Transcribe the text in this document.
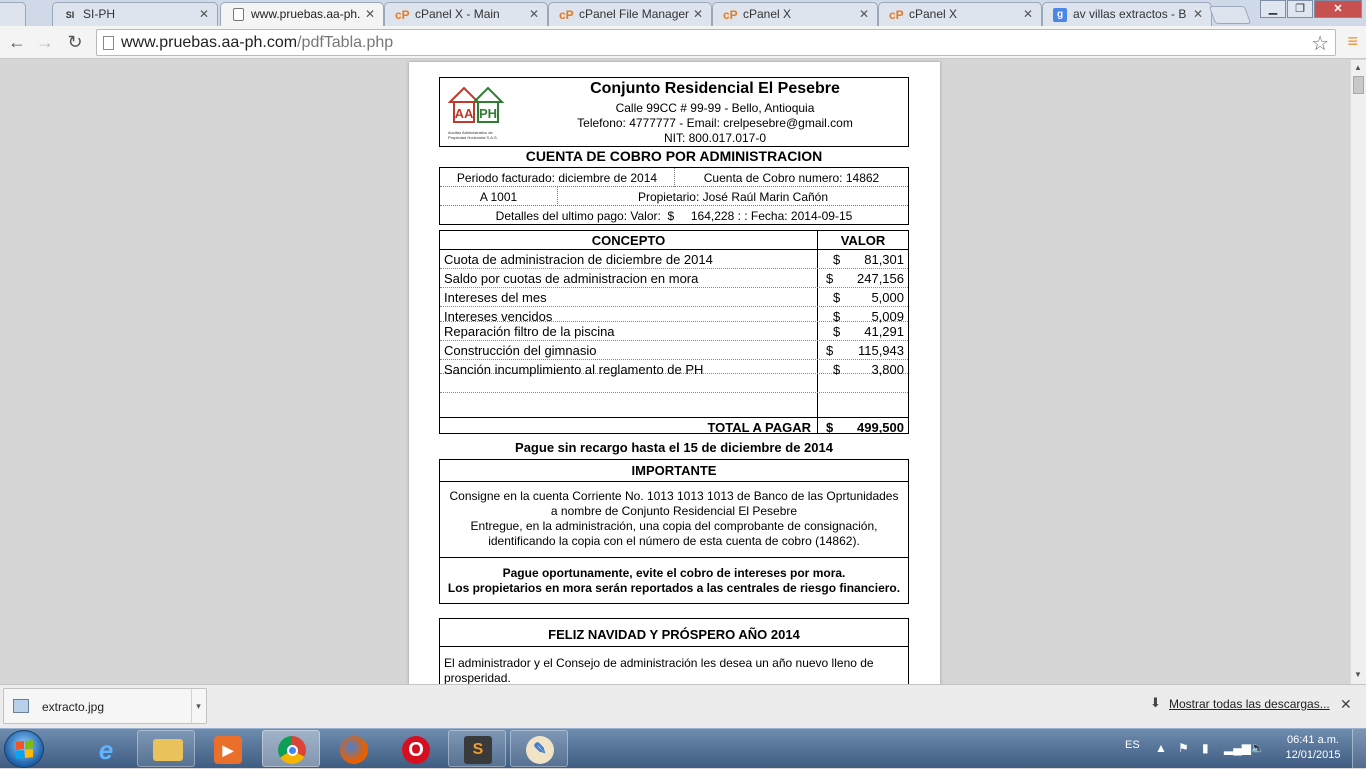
SI SI-PH	✕	www.pruebas.aa-ph. ✕ cP cPanel X - Main ✕ cP cPanel File Manager ✕ cP cPanel X	✕ cP cPanel X	✕	g av villas extractos - B ✕	▁	❐	✕
← → ↻	www.pruebas.aa-ph.com/pdfTabla.php	☆ ≡
AA PH
Auxiliar Administrativo de Propiedad Horizontal S.A.S.
Conjunto Residencial El Pesebre
Calle 99CC # 99-99 - Bello, Antioquia
Telefono: 4777777 - Email: crelpesebre@gmail.com
NIT: 800.017.017-0
CUENTA DE COBRO POR ADMINISTRACION
Periodo facturado: diciembre de 2014	Cuenta de Cobro numero: 14862
A 1001	Propietario: José Raúl Marin Cañón
Detalles del ultimo pago: Valor:  $     164,228 : : Fecha: 2014-09-15
CONCEPTO	VALOR
Cuota de administracion de diciembre de 2014	$ 81,301
Saldo por cuotas de administracion en mora	$ 247,156
Intereses del mes	$ 5,000
Intereses vencidos	$ 5,009
Reparación filtro de la piscina	$ 41,291
Construcción del gimnasio	$ 115,943
Sanción incumplimiento al reglamento de PH	$ 3,800
TOTAL A PAGAR $ 499,500
Pague sin recargo hasta el 15 de diciembre de 2014
IMPORTANTE
Consigne en la cuenta Corriente No. 1013 1013 1013 de Banco de las Oprtunidades
a nombre de Conjunto Residencial El Pesebre
Entregue, en la administración, una copia del comprobante de consignación,
identificando la copia con el número de esta cuenta de cobro (14862).
Pague oportunamente, evite el cobro de intereses por mora.
Los propietarios en mora serán reportados a las centrales de riesgo financiero.
FELIZ NAVIDAD Y PRÓSPERO AÑO 2014
El administrador y el Consejo de administración les desea un año nuevo lleno de prosperidad.
▲
▼
extracto.jpg	▾	⬇ Mostrar todas las descargas... ✕
e	▶	O	S	✎	ES ▲ ⚑ ▮ ▂▄▆ 🔈
06:41 a.m.
12/01/2015
